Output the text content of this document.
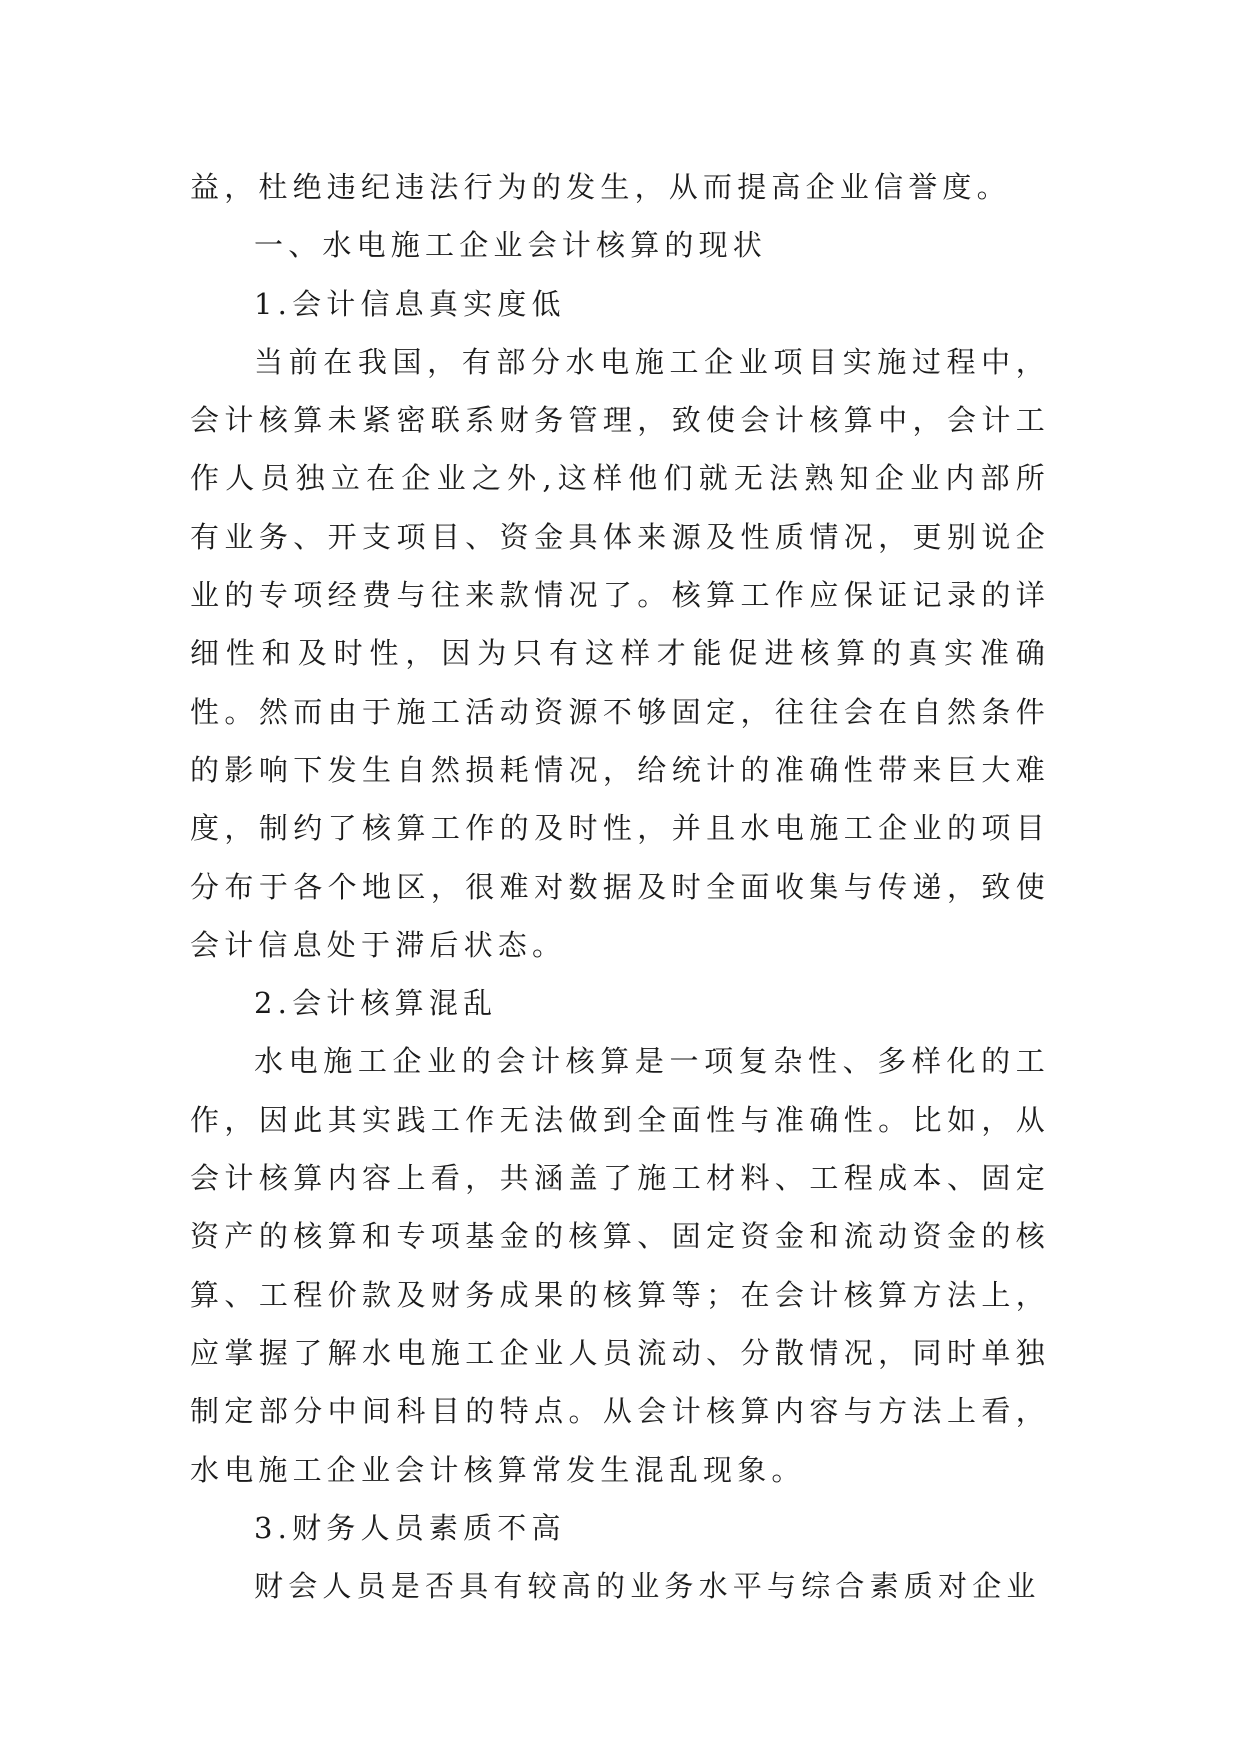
益，杜绝违纪违法行为的发生，从而提高企业信誉度。

一、水电施工企业会计核算的现状

1.会计信息真实度低

当前在我国，有部分水电施工企业项目实施过程中，会计核算未紧密联系财务管理，致使会计核算中，会计工作人员独立在企业之外,这样他们就无法熟知企业内部所有业务、开支项目、资金具体来源及性质情况，更别说企业的专项经费与往来款情况了。核算工作应保证记录的详细性和及时性，因为只有这样才能促进核算的真实准确性。然而由于施工活动资源不够固定，往往会在自然条件的影响下发生自然损耗情况，给统计的准确性带来巨大难度，制约了核算工作的及时性，并且水电施工企业的项目分布于各个地区，很难对数据及时全面收集与传递，致使会计信息处于滞后状态。

2.会计核算混乱

水电施工企业的会计核算是一项复杂性、多样化的工作，因此其实践工作无法做到全面性与准确性。比如，从会计核算内容上看，共涵盖了施工材料、工程成本、固定资产的核算和专项基金的核算、固定资金和流动资金的核算、工程价款及财务成果的核算等；在会计核算方法上，应掌握了解水电施工企业人员流动、分散情况，同时单独制定部分中间科目的特点。从会计核算内容与方法上看，水电施工企业会计核算常发生混乱现象。

3.财务人员素质不高

财会人员是否具有较高的业务水平与综合素质对企业
